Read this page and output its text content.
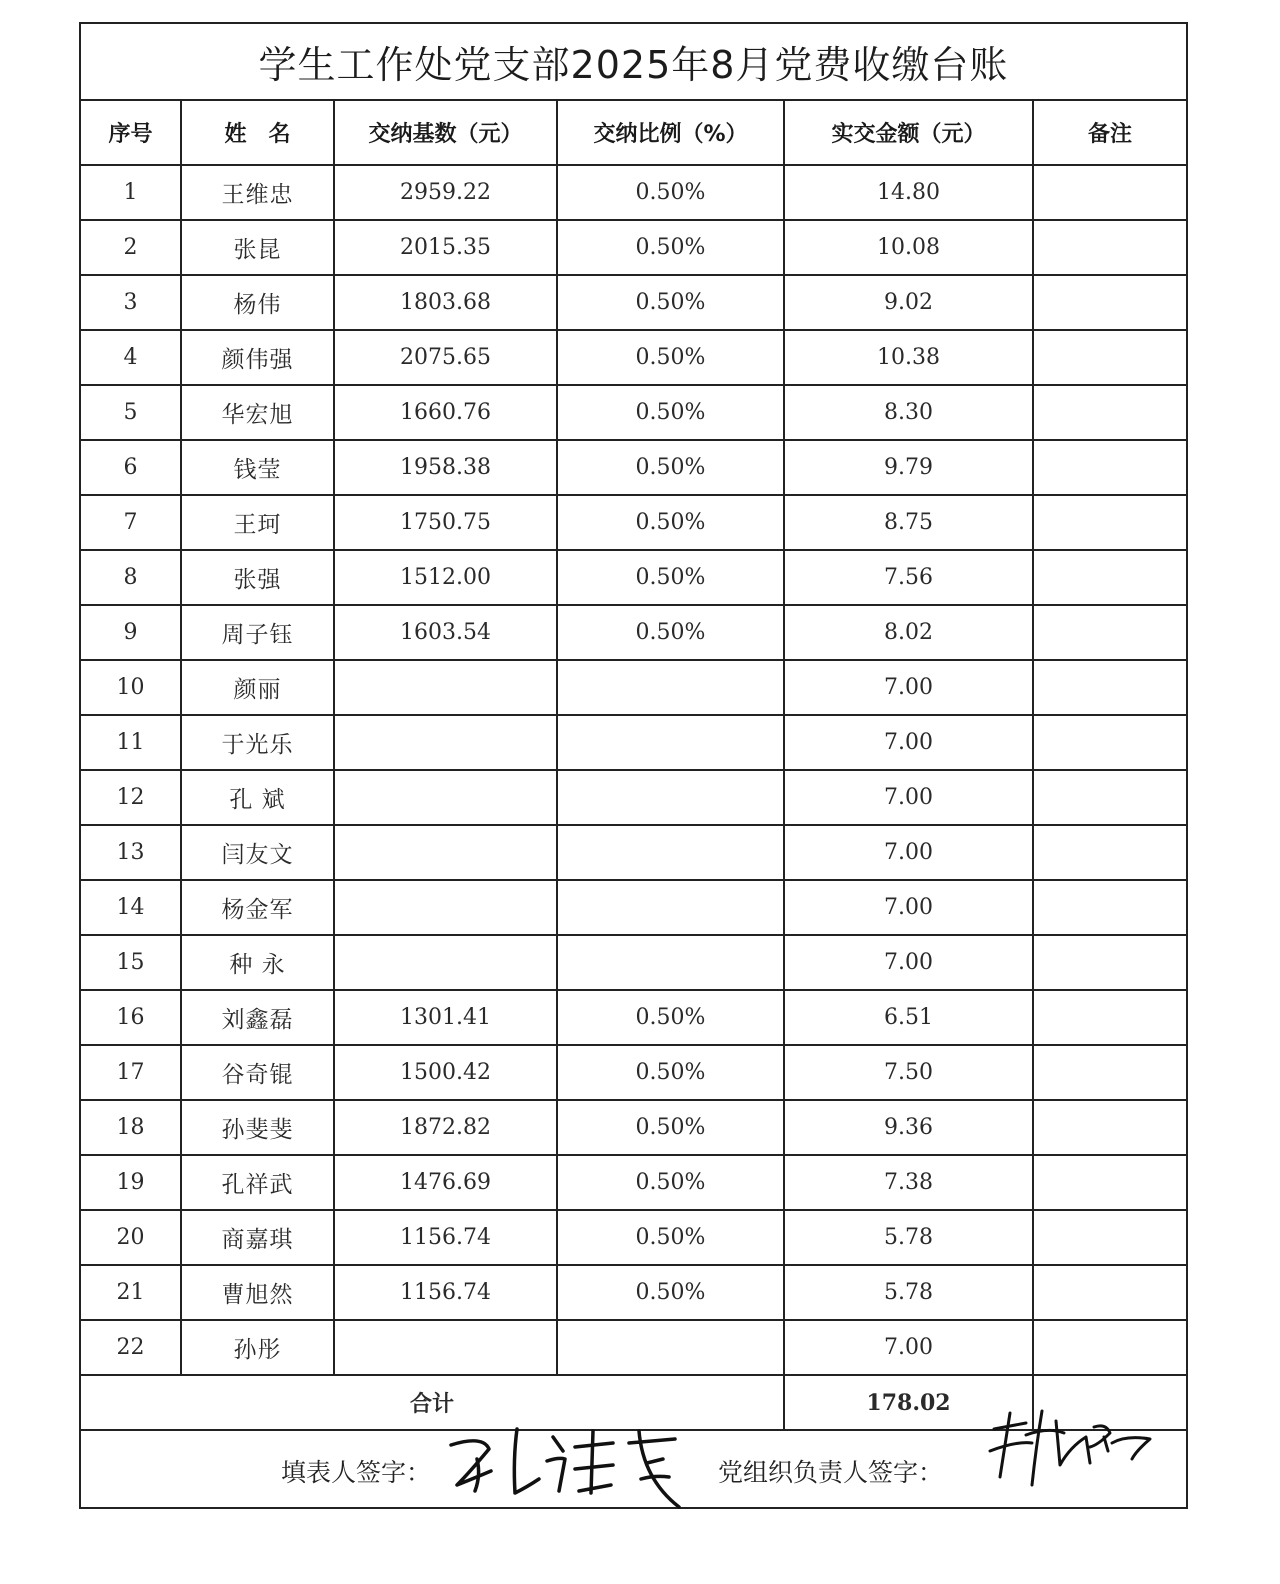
学生工作处党支部2025年8月党费收缴台账
序号	姓　名	交纳基数（元）	交纳比例（%）	实交金额（元）	备注
1	王维忠	2959.22	0.50%	14.80	
2	张昆	2015.35	0.50%	10.08	
3	杨伟	1803.68	0.50%	9.02	
4	颜伟强	2075.65	0.50%	10.38	
5	华宏旭	1660.76	0.50%	8.30	
6	钱莹	1958.38	0.50%	9.79	
7	王珂	1750.75	0.50%	8.75	
8	张强	1512.00	0.50%	7.56	
9	周子钰	1603.54	0.50%	8.02	
10	颜丽			7.00	
11	于光乐			7.00	
12	孔 斌			7.00	
13	闫友文			7.00	
14	杨金军			7.00	
15	种 永			7.00	
16	刘鑫磊	1301.41	0.50%	6.51	
17	谷奇锟	1500.42	0.50%	7.50	
18	孙斐斐	1872.82	0.50%	9.36	
19	孔祥武	1476.69	0.50%	7.38	
20	商嘉琪	1156.74	0.50%	5.78	
21	曹旭然	1156.74	0.50%	5.78	
22	孙彤			7.00	
合计				178.02	
填表人签字：	党组织负责人签字：
